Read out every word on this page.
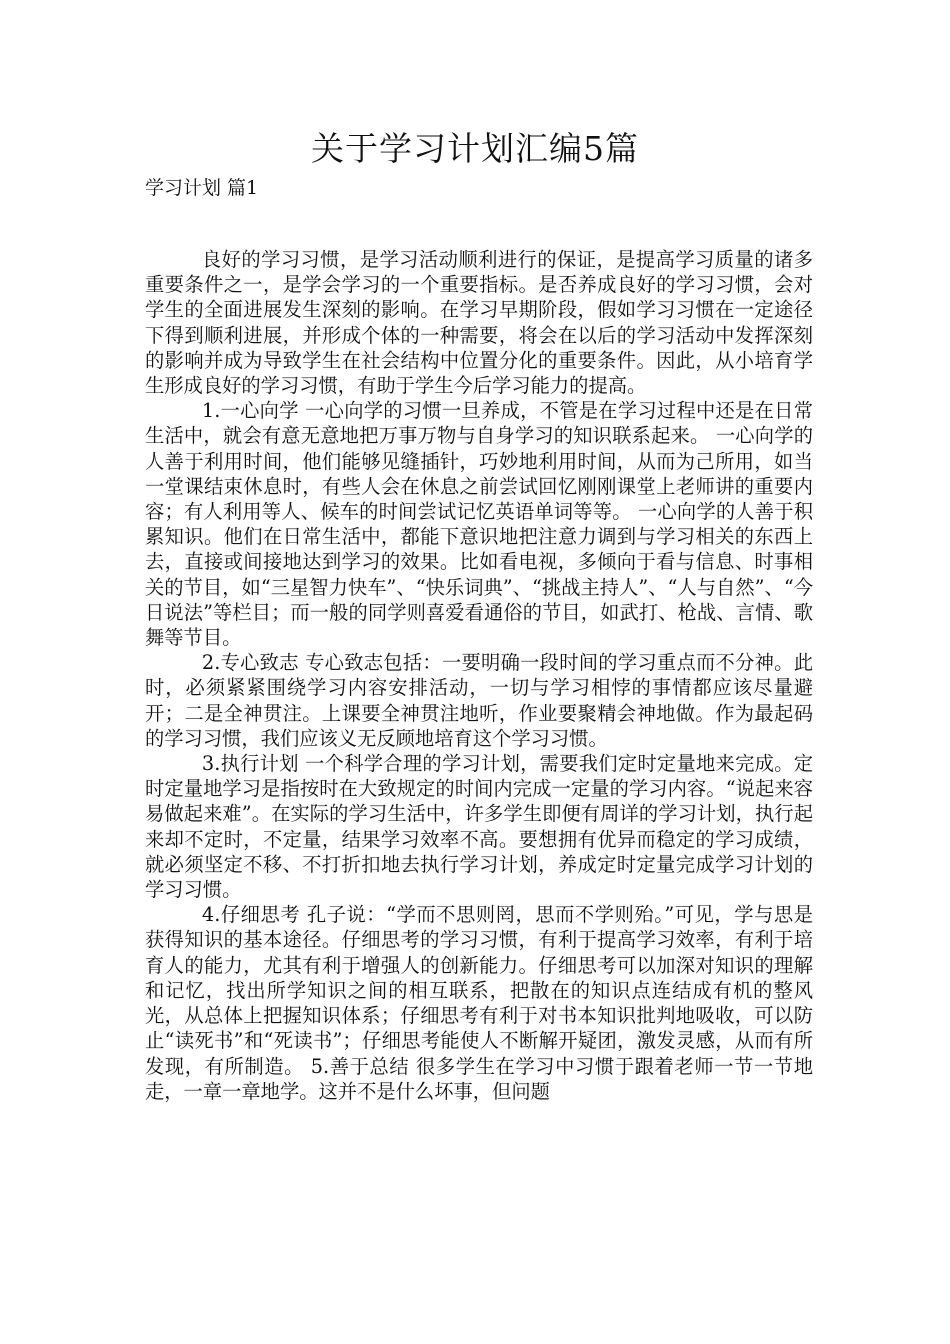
关于学习计划汇编5篇
学习计划 篇1

良好的学习习惯，是学习活动顺利进行的保证，是提高学习质量的诸多重要条件之一，是学会学习的一个重要指标。是否养成良好的学习习惯，会对学生的全面进展发生深刻的影响。在学习早期阶段，假如学习习惯在一定途径下得到顺利进展，并形成个体的一种需要，将会在以后的学习活动中发挥深刻的影响并成为导致学生在社会结构中位置分化的重要条件。因此，从小培育学生形成良好的学习习惯，有助于学生今后学习能力的提高。

1.一心向学 一心向学的习惯一旦养成，不管是在学习过程中还是在日常生活中，就会有意无意地把万事万物与自身学习的知识联系起来。 一心向学的人善于利用时间，他们能够见缝插针，巧妙地利用时间，从而为己所用，如当一堂课结束休息时，有些人会在休息之前尝试回忆刚刚课堂上老师讲的重要内容；有人利用等人、候车的时间尝试记忆英语单词等等。 一心向学的人善于积累知识。他们在日常生活中，都能下意识地把注意力调到与学习相关的东西上去，直接或间接地达到学习的效果。比如看电视，多倾向于看与信息、时事相关的节目，如“三星智力快车”、“快乐词典”、“挑战主持人”、“人与自然”、“今日说法”等栏目；而一般的同学则喜爱看通俗的节目，如武打、枪战、言情、歌舞等节目。

2.专心致志 专心致志包括：一要明确一段时间的学习重点而不分神。此时，必须紧紧围绕学习内容安排活动，一切与学习相悖的事情都应该尽量避开；二是全神贯注。上课要全神贯注地听，作业要聚精会神地做。作为最起码的学习习惯，我们应该义无反顾地培育这个学习习惯。

3.执行计划 一个科学合理的学习计划，需要我们定时定量地来完成。定时定量地学习是指按时在大致规定的时间内完成一定量的学习内容。“说起来容易做起来难”。在实际的学习生活中，许多学生即便有周详的学习计划，执行起来却不定时，不定量，结果学习效率不高。要想拥有优异而稳定的学习成绩，就必须坚定不移、不打折扣地去执行学习计划，养成定时定量完成学习计划的学习习惯。

4.仔细思考 孔子说：“学而不思则罔，思而不学则殆。”可见，学与思是获得知识的基本途径。仔细思考的学习习惯，有利于提高学习效率，有利于培育人的能力，尤其有利于增强人的创新能力。仔细思考可以加深对知识的理解和记忆，找出所学知识之间的相互联系，把散在的知识点连结成有机的整风光，从总体上把握知识体系；仔细思考有利于对书本知识批判地吸收，可以防止“读死书”和“死读书”；仔细思考能使人不断解开疑团，激发灵感，从而有所发现，有所制造。 5.善于总结 很多学生在学习中习惯于跟着老师一节一节地走，一章一章地学。这并不是什么坏事，但问题
